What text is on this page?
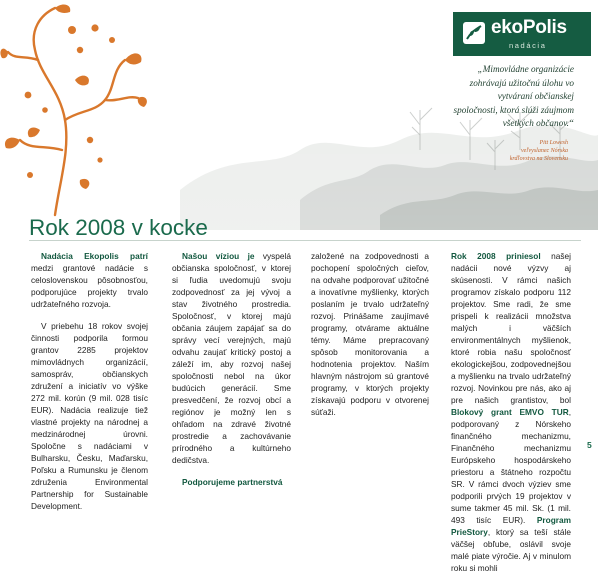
ekoPolis
nadácia
„Mimovládne organizácie zohrávajú užitočnú úlohu vo vytváraní občianskej spoločnosti, ktorá slúži záujmom všetkých občanov.“
Pitt Lowesh
veľvyslanec Nórska
krdľovstva na Slovensku
Rok 2008 v kocke

Nadácia Ekopolis patrí medzi grantové nadácie s celoslovenskou pôsobnosťou, podporujúce projekty trvalo udržateľného rozvoja.

V priebehu 18 rokov svojej činnosti podporila formou grantov 2285 projektov mimovládnych organizácií, samospráv, občianskych združení a iniciatív vo výške 272 mil. korún (9 mil. 028 tisíc EUR). Nadácia realizuje tiež vlastné projekty na národnej a medzinárodnej úrovni. Spoločne s nadáciami v Bulharsku, Česku, Maďarsku, Poľsku a Rumunsku je členom združenia Environmental Partnership for Sustainable Development.

Našou víziou je vyspelá občianska spoločnosť, v ktorej si ľudia uvedomujú svoju zodpovednosť za jej vývoj a stav životného prostredia. Spoločnosť, v ktorej majú občania záujem zapájať sa do správy vecí verejných, majú odvahu zaujať kritický postoj a záleží im, aby rozvoj našej spoločnosti nebol na úkor budúcich generácií. Sme presvedčení, že rozvoj obcí a regiónov je možný len s ohľadom na zdravé životné prostredie a zachovávanie prírodného a kultúrneho dedičstva.

Podporujeme partnerstvá

založené na zodpovednosti a pochopení spoločných cieľov, na odvahe podporovať užitočné a inovatívne myšlienky, ktorých poslaním je trvalo udržateľný rozvoj. Prinášame zaujímavé programy, otvárame aktuálne témy. Máme prepracovaný spôsob monitorovania a hodnotenia projektov. Naším hlavným nástrojom sú grantové programy, v ktorých projekty získavajú podporu v otvorenej súťaži.

Rok 2008 priniesol našej nadácii nové výzvy aj skúsenosti. V rámci našich programov získalo podporu 112 projektov. Sme radi, že sme prispeli k realizácii množstva malých i väčších environmentálnych myšlienok, ktoré robia našu spoločnosť ekologickejšou, zodpovednejšou a myšlienku na trvalo udržateľný rozvoj. Novinkou pre nás, ako aj pre našich grantistov, bol Blokový grant EMVO TUR, podporovaný z Nórskeho finančného mechanizmu, Finančného mechanizmu Európskeho hospodárskeho priestoru a štátneho rozpočtu SR. V rámci dvoch výziev sme podporili prvých 19 projektov v sume takmer 45 mil. Sk. (1 mil. 493 tisíc EUR). Program PrieStory, ktorý sa teší stále väčšej obľube, oslávil svoje malé piate výročie. Aj v minulom roku si mohli

5
